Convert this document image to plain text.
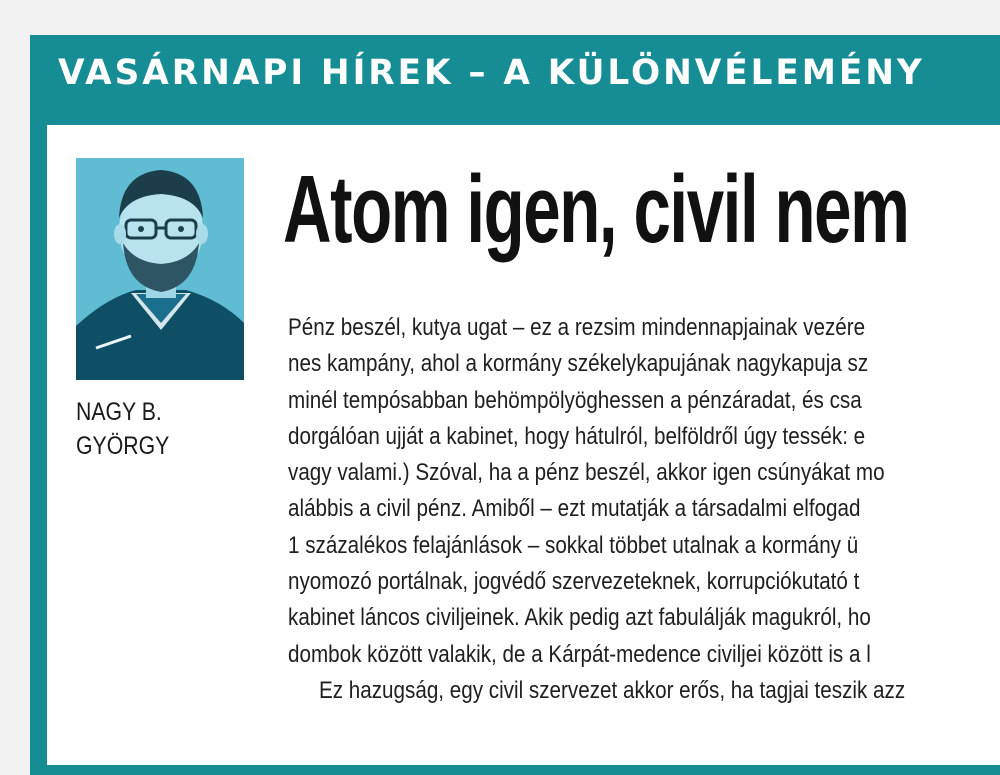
VASÁRNAPI HÍREK – A KÜLÖNVÉLEMÉNY
NAGY B.
GYÖRGY
Atom igen, civil nem
Pénz beszél, kutya ugat – ez a rezsim mindennapjainak vezére
nes kampány, ahol a kormány székelykapujának nagykapuja sz
minél tempósabban behömpölyöghessen a pénzáradat, és csa
dorgálóan ujját a kabinet, hogy hátulról, belföldről úgy tessék: e
vagy valami.) Szóval, ha a pénz beszél, akkor igen csúnyákat mo
alábbis a civil pénz. Amiből – ezt mutatják a társadalmi elfogad
1 százalékos felajánlások – sokkal többet utalnak a kormány ü
nyomozó portálnak, jogvédő szervezeteknek, korrupciókutató t
kabinet láncos civiljeinek. Akik pedig azt fabulálják magukról, ho
dombok között valakik, de a Kárpát-medence civiljei között is a l
Ez hazugság, egy civil szervezet akkor erős, ha tagjai teszik azz
